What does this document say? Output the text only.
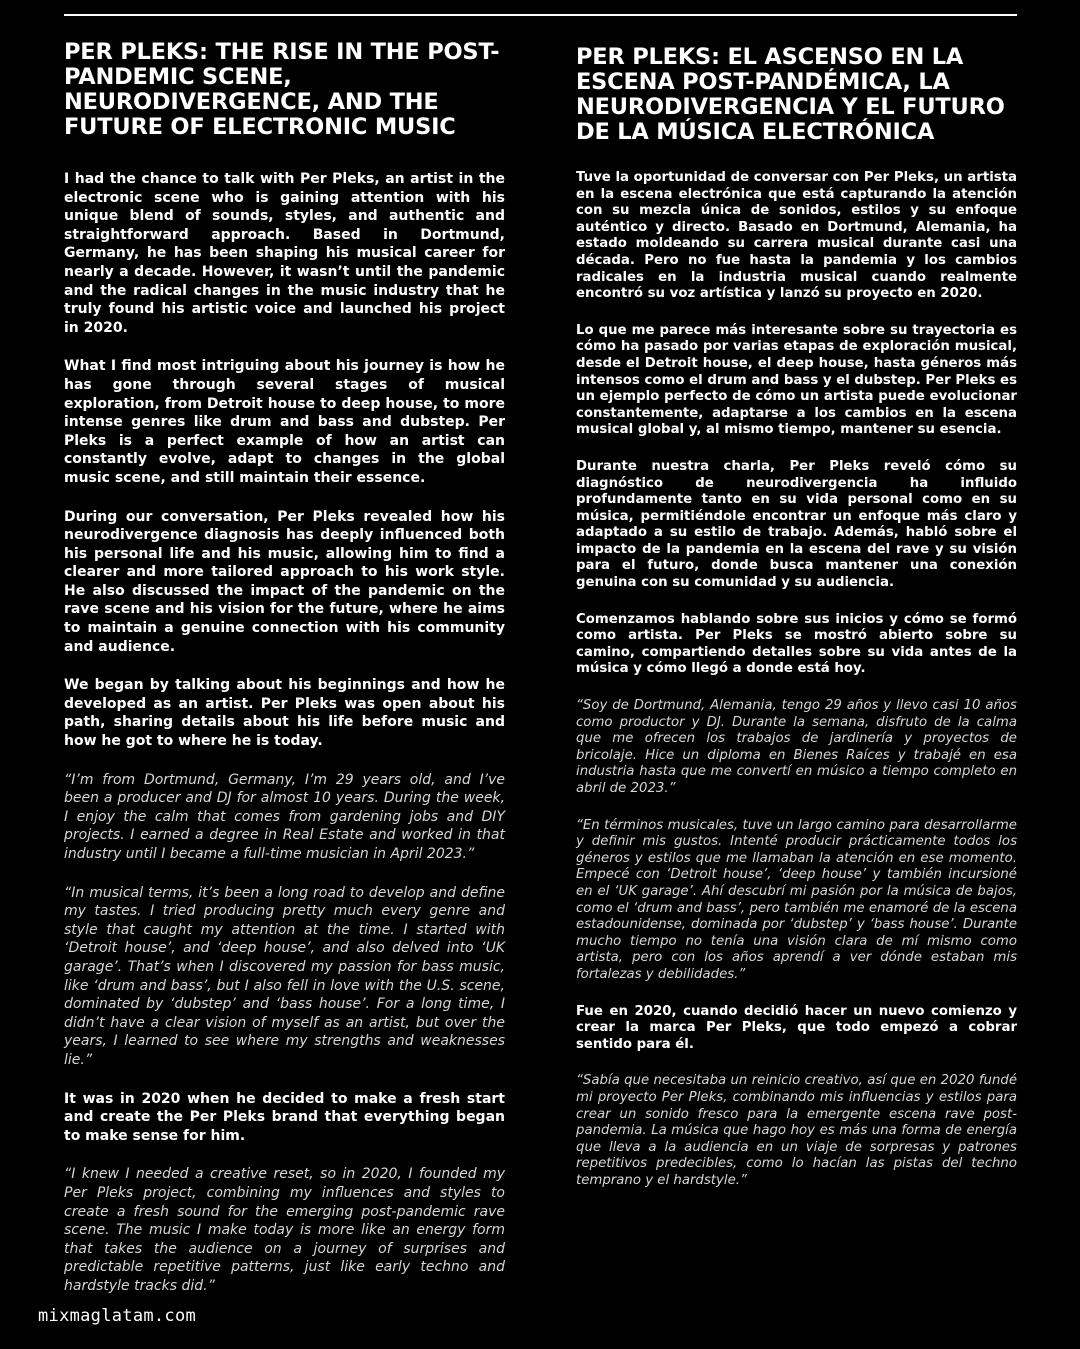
PER PLEKS: THE RISE IN THE POST-PANDEMIC SCENE, NEURODIVERGENCE, AND THE FUTURE OF ELECTRONIC MUSIC

I had the chance to talk with Per Pleks, an artist in the electronic scene who is gaining attention with his unique blend of sounds, styles, and authentic and straightforward approach. Based in Dortmund, Germany, he has been shaping his musical career for nearly a decade. However, it wasn’t until the pandemic and the radical changes in the music industry that he truly found his artistic voice and launched his project in 2020.

What I find most intriguing about his journey is how he has gone through several stages of musical exploration, from Detroit house to deep house, to more intense genres like drum and bass and dubstep. Per Pleks is a perfect example of how an artist can constantly evolve, adapt to changes in the global music scene, and still maintain their essence.

During our conversation, Per Pleks revealed how his neurodivergence diagnosis has deeply influenced both his personal life and his music, allowing him to find a clearer and more tailored approach to his work style. He also discussed the impact of the pandemic on the rave scene and his vision for the future, where he aims to maintain a genuine connection with his community and audience.

We began by talking about his beginnings and how he developed as an artist. Per Pleks was open about his path, sharing details about his life before music and how he got to where he is today.

“I’m from Dortmund, Germany, I’m 29 years old, and I’ve been a producer and DJ for almost 10 years. During the week, I enjoy the calm that comes from gardening jobs and DIY projects. I earned a degree in Real Estate and worked in that industry until I became a full-time musician in April 2023.”

“In musical terms, it’s been a long road to develop and define my tastes. I tried producing pretty much every genre and style that caught my attention at the time. I started with ‘Detroit house’, and ‘deep house’, and also delved into ‘UK garage’. That’s when I discovered my passion for bass music, like ‘drum and bass’, but I also fell in love with the U.S. scene, dominated by ‘dubstep’ and ‘bass house’. For a long time, I didn’t have a clear vision of myself as an artist, but over the years, I learned to see where my strengths and weaknesses lie.”

It was in 2020 when he decided to make a fresh start and create the Per Pleks brand that everything began to make sense for him.

“I knew I needed a creative reset, so in 2020, I founded my Per Pleks project, combining my influences and styles to create a fresh sound for the emerging post-pandemic rave scene. The music I make today is more like an energy form that takes the audience on a journey of surprises and predictable repetitive patterns, just like early techno and hardstyle tracks did.”

PER PLEKS: EL ASCENSO EN LA ESCENA POST-PANDÉMICA, LA NEURODIVERGENCIA Y EL FUTURO DE LA MÚSICA ELECTRÓNICA

Tuve la oportunidad de conversar con Per Pleks, un artista en la escena electrónica que está capturando la atención con su mezcla única de sonidos, estilos y su enfoque auténtico y directo. Basado en Dortmund, Alemania, ha estado moldeando su carrera musical durante casi una década. Pero no fue hasta la pandemia y los cambios radicales en la industria musical cuando realmente encontró su voz artística y lanzó su proyecto en 2020.

Lo que me parece más interesante sobre su trayectoria es cómo ha pasado por varias etapas de exploración musical, desde el Detroit house, el deep house, hasta géneros más intensos como el drum and bass y el dubstep. Per Pleks es un ejemplo perfecto de cómo un artista puede evolucionar constantemente, adaptarse a los cambios en la escena musical global y, al mismo tiempo, mantener su esencia.

Durante nuestra charla, Per Pleks reveló cómo su diagnóstico de neurodivergencia ha influido profundamente tanto en su vida personal como en su música, permitiéndole encontrar un enfoque más claro y adaptado a su estilo de trabajo. Además, habló sobre el impacto de la pandemia en la escena del rave y su visión para el futuro, donde busca mantener una conexión genuina con su comunidad y su audiencia.

Comenzamos hablando sobre sus inicios y cómo se formó como artista. Per Pleks se mostró abierto sobre su camino, compartiendo detalles sobre su vida antes de la música y cómo llegó a donde está hoy.

“Soy de Dortmund, Alemania, tengo 29 años y llevo casi 10 años como productor y DJ. Durante la semana, disfruto de la calma que me ofrecen los trabajos de jardinería y proyectos de bricolaje. Hice un diploma en Bienes Raíces y trabajé en esa industria hasta que me convertí en músico a tiempo completo en abril de 2023.”

“En términos musicales, tuve un largo camino para desarrollarme y definir mis gustos. Intenté producir prácticamente todos los géneros y estilos que me llamaban la atención en ese momento. Empecé con ‘Detroit house’, ‘deep house’ y también incursioné en el ‘UK garage’. Ahí descubrí mi pasión por la música de bajos, como el ‘drum and bass’, pero también me enamoré de la escena estadounidense, dominada por ‘dubstep’ y ‘bass house’. Durante mucho tiempo no tenía una visión clara de mí mismo como artista, pero con los años aprendí a ver dónde estaban mis fortalezas y debilidades.”

Fue en 2020, cuando decidió hacer un nuevo comienzo y crear la marca Per Pleks, que todo empezó a cobrar sentido para él.

“Sabía que necesitaba un reinicio creativo, así que en 2020 fundé mi proyecto Per Pleks, combinando mis influencias y estilos para crear un sonido fresco para la emergente escena rave post-pandemia. La música que hago hoy es más una forma de energía que lleva a la audiencia en un viaje de sorpresas y patrones repetitivos predecibles, como lo hacían las pistas del techno temprano y el hardstyle.”

mixmaglatam.com
